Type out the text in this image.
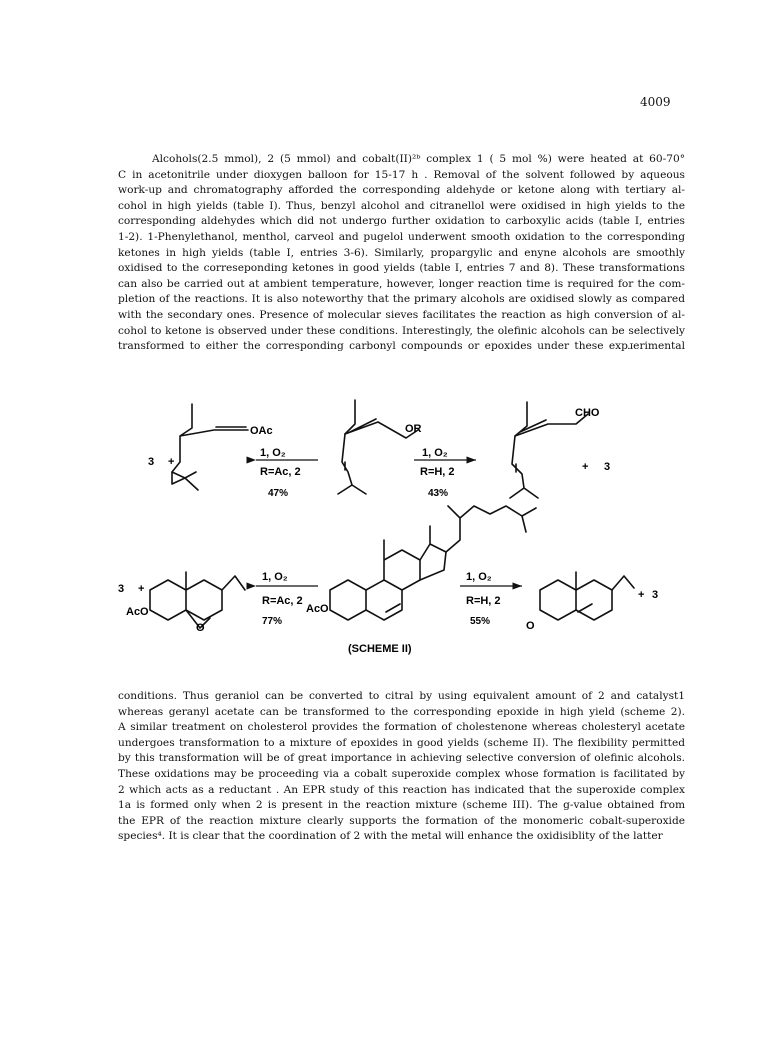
4009
Alcohols(2.5 mmol), 2 (5 mmol) and cobalt(II)²ᵇ complex 1 ( 5 mol %) were heated at 60-70°
C in acetonitrile under dioxygen balloon for 15-17 h . Removal of the solvent followed by aqueous
work-up and chromatography afforded the corresponding aldehyde or ketone along with tertiary al-
cohol in high yields (table I). Thus, benzyl alcohol and citranellol were oxidised in high yields to the
corresponding aldehydes which did not undergo further oxidation to carboxylic acids (table I, entries
1-2). 1-Phenylethanol, menthol, carveol and pugelol underwent smooth oxidation to the corresponding
ketones in high yields (table I, entries 3-6). Similarly, propargylic and enyne alcohols are smoothly
oxidised to the correseponding ketones in good yields (table I, entries 7 and 8). These transformations
can also be carried out at ambient temperature, however, longer reaction time is required for the com-
pletion of the reactions. It is also noteworthy that the primary alcohols are oxidised slowly as compared
with the secondary ones. Presence of molecular sieves facilitates the reaction as high conversion of al-
cohol to ketone is observed under these conditions. Interestingly, the olefinic alcohols can be selectively
transformed to either the corresponding carbonyl compounds or epoxides under these expɹerimental
3 +
OAc
1, O₂
R=Ac, 2
47%
OR
1, O₂
R=H, 2
43%
CHO
+ 3
3 +
AcO
O
1, O₂
R=Ac, 2
77%
AcO
1, O₂
R=H, 2
55%	O
+ 3
(SCHEME II)
conditions. Thus geraniol can be converted to citral by using equivalent amount of 2 and catalyst1
whereas geranyl acetate can be transformed to the corresponding epoxide in high yield (scheme 2).
A similar treatment on cholesterol provides the formation of cholestenone whereas cholesteryl acetate
undergoes transformation to a mixture of epoxides in good yields (scheme II). The flexibility permitted
by this transformation will be of great importance in achieving selective conversion of olefinic alcohols.
These oxidations may be proceeding via a cobalt superoxide complex whose formation is facilitated by
2 which acts as a reductant . An EPR study of this reaction has indicated that the superoxide complex
1a is formed only when 2 is present in the reaction mixture (scheme III). The g-value obtained from
the EPR of the reaction mixture clearly supports the formation of the monomeric cobalt-superoxide
species⁴. It is clear that the coordination of 2 with the metal will enhance the oxidisiblity of the latter
